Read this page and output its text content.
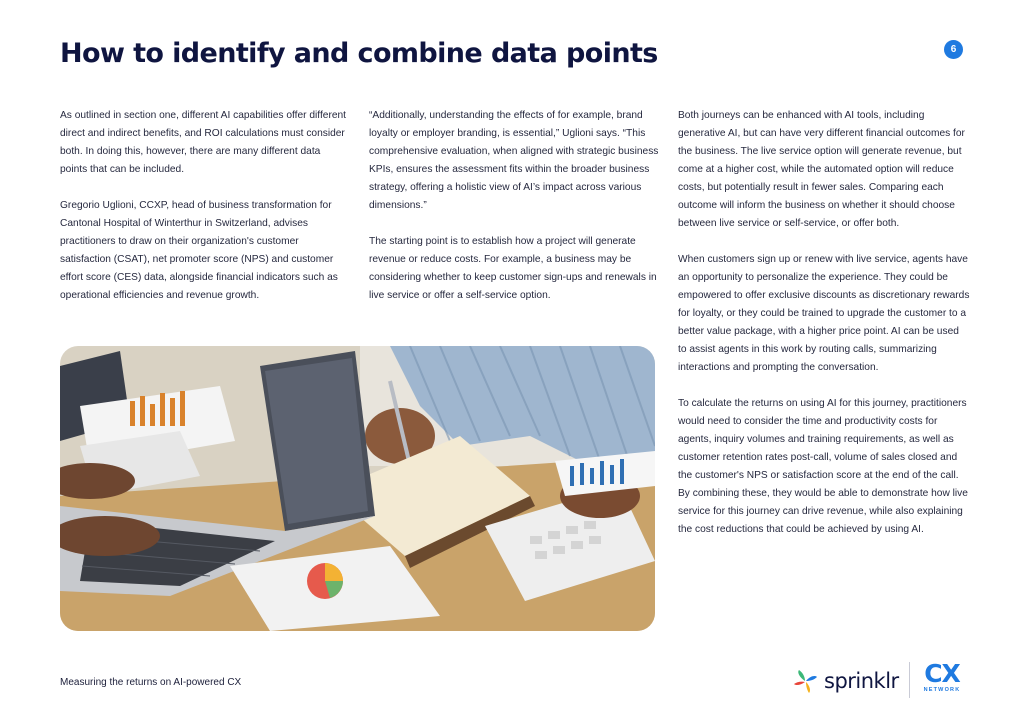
How to identify and combine data points	6

As outlined in section one, different AI capabilities offer different direct and indirect benefits, and ROI calculations must consider both. In doing this, however, there are many different data points that can be included.

Gregorio Uglioni, CCXP, head of business transformation for Cantonal Hospital of Winterthur in Switzerland, advises practitioners to draw on their organization's customer satisfaction (CSAT), net promoter score (NPS) and customer effort score (CES) data, alongside financial indicators such as operational efficiencies and revenue growth.

“Additionally, understanding the effects of for example, brand loyalty or employer branding, is essential,” Uglioni says. “This comprehensive evaluation, when aligned with strategic business KPIs, ensures the assessment fits within the broader business strategy, offering a holistic view of AI’s impact across various dimensions.”

The starting point is to establish how a project will generate revenue or reduce costs. For example, a business may be considering whether to keep customer sign-ups and renewals in live service or offer a self-service option.

Both journeys can be enhanced with AI tools, including generative AI, but can have very different financial outcomes for the business. The live service option will generate revenue, but come at a higher cost, while the automated option will reduce costs, but potentially result in fewer sales. Comparing each outcome will inform the business on whether it should choose between live service or self-service, or offer both.

When customers sign up or renew with live service, agents have an opportunity to personalize the experience. They could be empowered to offer exclusive discounts as discretionary rewards for loyalty, or they could be trained to upgrade the customer to a better value package, with a higher price point. AI can be used to assist agents in this work by routing calls, summarizing interactions and prompting the conversation.

To calculate the returns on using AI for this journey, practitioners would need to consider the time and productivity costs for agents, inquiry volumes and training requirements, as well as customer retention rates post-call, volume of sales closed and the customer's NPS or satisfaction score at the end of the call. By combining these, they would be able to demonstrate how live service for this journey can drive revenue, while also explaining the cost reductions that could be achieved by using AI.

Measuring the returns on AI-powered CX	sprinklr CX
NETWORK
